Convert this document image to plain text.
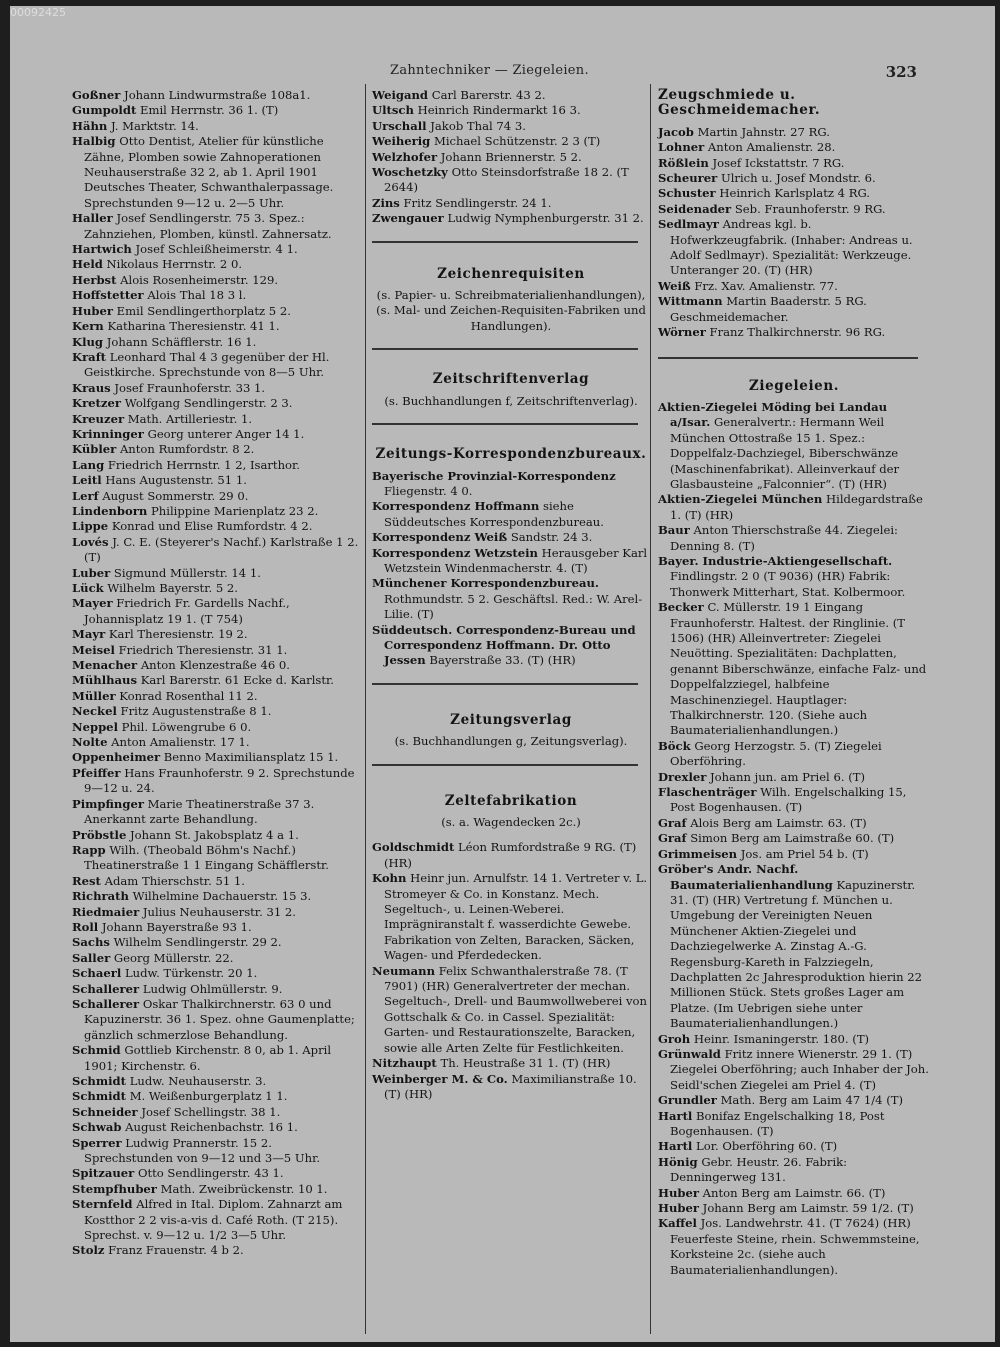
00092425
Zahntechniker — Ziegeleien.	323

Goßner Johann Lindwurmstraße 108a1.

Gumpoldt Emil Herrnstr. 36 1. (T)

Hähn J. Marktstr. 14.

Halbig Otto Dentist, Atelier für künstliche Zähne, Plomben sowie Zahnoperationen Neuhauserstraße 32 2, ab 1. April 1901 Deutsches Theater, Schwanthalerpassage. Sprechstunden 9—12 u. 2—5 Uhr.

Haller Josef Sendlingerstr. 75 3. Spez.: Zahnziehen, Plomben, künstl. Zahnersatz.

Hartwich Josef Schleißheimerstr. 4 1.

Held Nikolaus Herrnstr. 2 0.

Herbst Alois Rosenheimerstr. 129.

Hoffstetter Alois Thal 18 3 l.

Huber Emil Sendlingerthorplatz 5 2.

Kern Katharina Theresienstr. 41 1.

Klug Johann Schäfflerstr. 16 1.

Kraft Leonhard Thal 4 3 gegenüber der Hl. Geistkirche. Sprechstunde von 8—5 Uhr.

Kraus Josef Fraunhoferstr. 33 1.

Kretzer Wolfgang Sendlingerstr. 2 3.

Kreuzer Math. Artilleriestr. 1.

Krinninger Georg unterer Anger 14 1.

Kübler Anton Rumfordstr. 8 2.

Lang Friedrich Herrnstr. 1 2, Isarthor.

Leitl Hans Augustenstr. 51 1.

Lerf August Sommerstr. 29 0.

Lindenborn Philippine Marienplatz 23 2.

Lippe Konrad und Elise Rumfordstr. 4 2.

Lovés J. C. E. (Steyerer's Nachf.) Karlstraße 1 2. (T)

Luber Sigmund Müllerstr. 14 1.

Lück Wilhelm Bayerstr. 5 2.

Mayer Friedrich Fr. Gardells Nachf., Johannisplatz 19 1. (T 754)

Mayr Karl Theresienstr. 19 2.

Meisel Friedrich Theresienstr. 31 1.

Menacher Anton Klenzestraße 46 0.

Mühlhaus Karl Barerstr. 61 Ecke d. Karlstr.

Müller Konrad Rosenthal 11 2.

Neckel Fritz Augustenstraße 8 1.

Neppel Phil. Löwengrube 6 0.

Nolte Anton Amalienstr. 17 1.

Oppenheimer Benno Maximiliansplatz 15 1.

Pfeiffer Hans Fraunhoferstr. 9 2. Sprechstunde 9—12 u. 24.

Pimpfinger Marie Theatinerstraße 37 3. Anerkannt zarte Behandlung.

Pröbstle Johann St. Jakobsplatz 4 a 1.

Rapp Wilh. (Theobald Böhm's Nachf.) Theatinerstraße 1 1 Eingang Schäfflerstr.

Rest Adam Thierschstr. 51 1.

Richrath Wilhelmine Dachauerstr. 15 3.

Riedmaier Julius Neuhauserstr. 31 2.

Roll Johann Bayerstraße 93 1.

Sachs Wilhelm Sendlingerstr. 29 2.

Saller Georg Müllerstr. 22.

Schaerl Ludw. Türkenstr. 20 1.

Schallerer Ludwig Ohlmüllerstr. 9.

Schallerer Oskar Thalkirchnerstr. 63 0 und Kapuzinerstr. 36 1. Spez. ohne Gaumenplatte; gänzlich schmerzlose Behandlung.

Schmid Gottlieb Kirchenstr. 8 0, ab 1. April 1901; Kirchenstr. 6.

Schmidt Ludw. Neuhauserstr. 3.

Schmidt M. Weißenburgerplatz 1 1.

Schneider Josef Schellingstr. 38 1.

Schwab August Reichenbachstr. 16 1.

Sperrer Ludwig Prannerstr. 15 2. Sprechstunden von 9—12 und 3—5 Uhr.

Spitzauer Otto Sendlingerstr. 43 1.

Stempfhuber Math. Zweibrückenstr. 10 1.

Sternfeld Alfred in Ital. Diplom. Zahnarzt am Kostthor 2 2 vis-a-vis d. Café Roth. (T 215). Sprechst. v. 9—12 u. 1/2 3—5 Uhr.

Stolz Franz Frauenstr. 4 b 2.

Weigand Carl Barerstr. 43 2.

Ultsch Heinrich Rindermarkt 16 3.

Urschall Jakob Thal 74 3.

Weiherig Michael Schützenstr. 2 3 (T)

Welzhofer Johann Briennerstr. 5 2.

Woschetzky Otto Steinsdorfstraße 18 2. (T 2644)

Zins Fritz Sendlingerstr. 24 1.

Zwengauer Ludwig Nymphenburgerstr. 31 2.

Zeichenrequisiten

(s. Papier- u. Schreibmaterialienhandlungen),

(s. Mal- und Zeichen-Requisiten-Fabriken und Handlungen).

Zeitschriftenverlag

(s. Buchhandlungen f, Zeitschriftenverlag).

Zeitungs-Korrespondenzbureaux.

Bayerische Provinzial-Korrespondenz Fliegenstr. 4 0.

Korrespondenz Hoffmann siehe Süddeutsches Korrespondenzbureau.

Korrespondenz Weiß Sandstr. 24 3.

Korrespondenz Wetzstein Herausgeber Karl Wetzstein Windenmacherstr. 4. (T)

Münchener Korrespondenzbureau. Rothmundstr. 5 2. Geschäftsl. Red.: W. Arel-Lilie. (T)

Süddeutsch. Correspondenz-Bureau und Correspondenz Hoffmann. Dr. Otto Jessen Bayerstraße 33. (T) (HR)

Zeitungsverlag

(s. Buchhandlungen g, Zeitungsverlag).

Zeltefabrikation

(s. a. Wagendecken 2c.)

Goldschmidt Léon Rumfordstraße 9 RG. (T) (HR)

Kohn Heinr jun. Arnulfstr. 14 1. Vertreter v. L. Stromeyer & Co. in Konstanz. Mech. Segeltuch-, u. Leinen-Weberei. Imprägniranstalt f. wasserdichte Gewebe. Fabrikation von Zelten, Baracken, Säcken, Wagen- und Pferdedecken.

Neumann Felix Schwanthalerstraße 78. (T 7901) (HR) Generalvertreter der mechan. Segeltuch-, Drell- und Baumwollweberei von Gottschalk & Co. in Cassel. Spezialität: Garten- und Restaurationszelte, Baracken, sowie alle Arten Zelte für Festlichkeiten.

Nitzhaupt Th. Heustraße 31 1. (T) (HR)

Weinberger M. & Co. Maximilianstraße 10. (T) (HR)

Zeugschmiede u. Geschmeidemacher.

Jacob Martin Jahnstr. 27 RG.

Lohner Anton Amalienstr. 28.

Rößlein Josef Ickstattstr. 7 RG.

Scheurer Ulrich u. Josef Mondstr. 6.

Schuster Heinrich Karlsplatz 4 RG.

Seidenader Seb. Fraunhoferstr. 9 RG.

Sedlmayr Andreas kgl. b. Hofwerkzeugfabrik. (Inhaber: Andreas u. Adolf Sedlmayr). Spezialität: Werkzeuge. Unteranger 20. (T) (HR)

Weiß Frz. Xav. Amalienstr. 77.

Wittmann Martin Baaderstr. 5 RG. Geschmeidemacher.

Wörner Franz Thalkirchnerstr. 96 RG.

Ziegeleien.

Aktien-Ziegelei Möding bei Landau a/Isar. Generalvertr.: Hermann Weil München Ottostraße 15 1. Spez.: Doppelfalz-Dachziegel, Biberschwänze (Maschinenfabrikat). Alleinverkauf der Glasbausteine „Falconnier“. (T) (HR)

Aktien-Ziegelei München Hildegardstraße 1. (T) (HR)

Baur Anton Thierschstraße 44. Ziegelei: Denning 8. (T)

Bayer. Industrie-Aktiengesellschaft. Findlingstr. 2 0 (T 9036) (HR) Fabrik: Thonwerk Mitterhart, Stat. Kolbermoor.

Becker C. Müllerstr. 19 1 Eingang Fraunhoferstr. Haltest. der Ringlinie. (T 1506) (HR) Alleinvertreter: Ziegelei Neuötting. Spezialitäten: Dachplatten, genannt Biberschwänze, einfache Falz- und Doppelfalzziegel, halbfeine Maschinenziegel. Hauptlager: Thalkirchnerstr. 120. (Siehe auch Baumaterialienhandlungen.)

Böck Georg Herzogstr. 5. (T) Ziegelei Oberföhring.

Drexler Johann jun. am Priel 6. (T)

Flaschenträger Wilh. Engelschalking 15, Post Bogenhausen. (T)

Graf Alois Berg am Laimstr. 63. (T)

Graf Simon Berg am Laimstraße 60. (T)

Grimmeisen Jos. am Priel 54 b. (T)

Gröber's Andr. Nachf. Baumaterialienhandlung Kapuzinerstr. 31. (T) (HR) Vertretung f. München u. Umgebung der Vereinigten Neuen Münchener Aktien-Ziegelei und Dachziegelwerke A. Zinstag A.-G. Regensburg-Kareth in Falzziegeln, Dachplatten 2c Jahresproduktion hierin 22 Millionen Stück. Stets großes Lager am Platze. (Im Uebrigen siehe unter Baumaterialienhandlungen.)

Groh Heinr. Ismaningerstr. 180. (T)

Grünwald Fritz innere Wienerstr. 29 1. (T) Ziegelei Oberföhring; auch Inhaber der Joh. Seidl'schen Ziegelei am Priel 4. (T)

Grundler Math. Berg am Laim 47 1/4 (T)

Hartl Bonifaz Engelschalking 18, Post Bogenhausen. (T)

Hartl Lor. Oberföhring 60. (T)

Hönig Gebr. Heustr. 26. Fabrik: Denningerweg 131.

Huber Anton Berg am Laimstr. 66. (T)

Huber Johann Berg am Laimstr. 59 1/2. (T)

Kaffel Jos. Landwehrstr. 41. (T 7624) (HR) Feuerfeste Steine, rhein. Schwemmsteine, Korksteine 2c. (siehe auch Baumaterialienhandlungen).
